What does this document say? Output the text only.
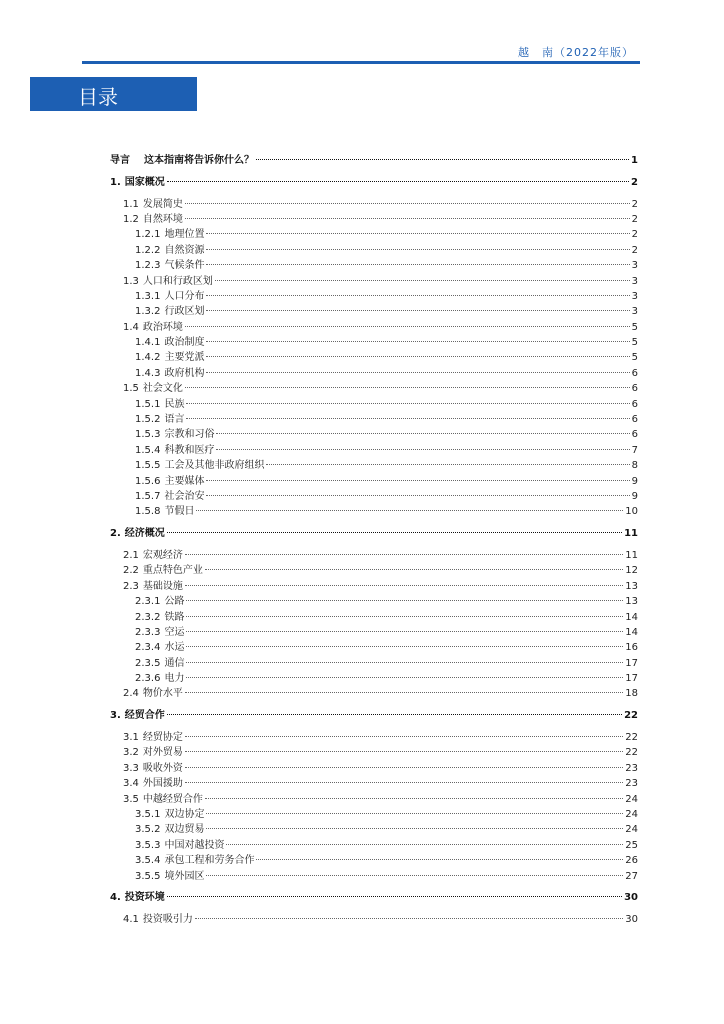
越　南（2022年版）

目录
导言 这本指南将告诉你什么？	1
1. 国家概况	2
1.1 发展简史	2
1.2 自然环境	2
1.2.1 地理位置	2
1.2.2 自然资源	2
1.2.3 气候条件	3
1.3 人口和行政区划	3
1.3.1 人口分布	3
1.3.2 行政区划	3
1.4 政治环境	5
1.4.1 政治制度	5
1.4.2 主要党派	5
1.4.3 政府机构	6
1.5 社会文化	6
1.5.1 民族	6
1.5.2 语言	6
1.5.3 宗教和习俗	6
1.5.4 科教和医疗	7
1.5.5 工会及其他非政府组织	8
1.5.6 主要媒体	9
1.5.7 社会治安	9
1.5.8 节假日	10
2. 经济概况	11
2.1 宏观经济	11
2.2 重点特色产业	12
2.3 基础设施	13
2.3.1 公路	13
2.3.2 铁路	14
2.3.3 空运	14
2.3.4 水运	16
2.3.5 通信	17
2.3.6 电力	17
2.4 物价水平	18
3. 经贸合作	22
3.1 经贸协定	22
3.2 对外贸易	22
3.3 吸收外资	23
3.4 外国援助	23
3.5 中越经贸合作	24
3.5.1 双边协定	24
3.5.2 双边贸易	24
3.5.3 中国对越投资	25
3.5.4 承包工程和劳务合作	26
3.5.5 境外园区	27
4. 投资环境	30
4.1 投资吸引力	30
